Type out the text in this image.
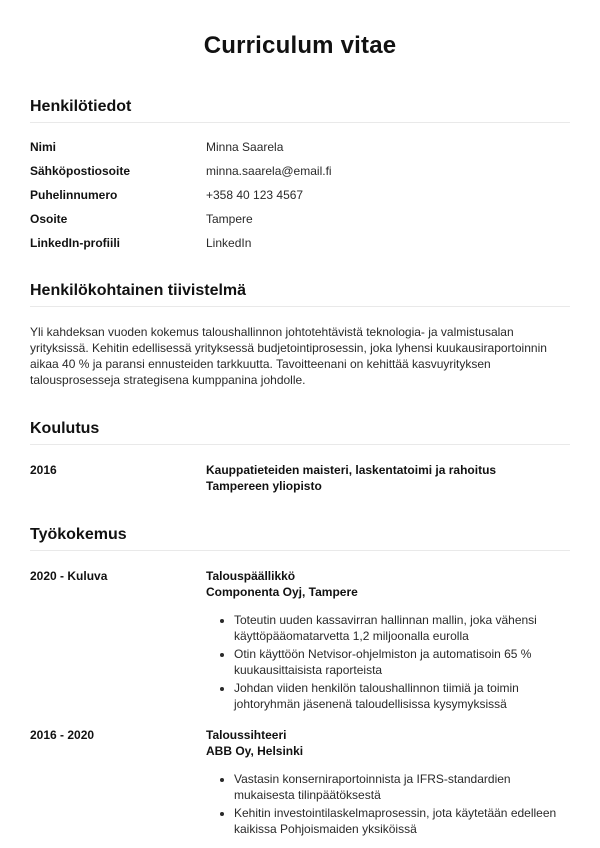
Curriculum vitae
Henkilötiedot
Nimi	Minna Saarela
Sähköpostiosoite	minna.saarela@email.fi
Puhelinnumero	+358 40 123 4567
Osoite	Tampere
LinkedIn-profiili	LinkedIn
Henkilökohtainen tiivistelmä

Yli kahdeksan vuoden kokemus taloushallinnon johtotehtävistä teknologia- ja valmistusalan yrityksissä. Kehitin edellisessä yrityksessä budjetointiprosessin, joka lyhensi kuukausiraportoinnin aikaa 40 % ja paransi ennusteiden tarkkuutta. Tavoitteenani on kehittää kasvuyrityksen talousprosesseja strategisena kumppanina johdolle.

Koulutus
2016	Kauppatieteiden maisteri, laskentatoimi ja rahoitus
Tampereen yliopisto
Työkokemus
2020 - Kuluva	Talouspäällikkö
Componenta Oyj, Tampere
• Toteutin uuden kassavirran hallinnan mallin, joka vähensi käyttöpääomatarvetta 1,2 miljoonalla eurolla
• Otin käyttöön Netvisor-ohjelmiston ja automatisoin 65 % kuukausittaisista raporteista
• Johdan viiden henkilön taloushallinnon tiimiä ja toimin johtoryhmän jäsenenä taloudellisissa kysymyksissä
2016 - 2020	Taloussihteeri
ABB Oy, Helsinki
• Vastasin konserniraportoinnista ja IFRS-standardien mukaisesta tilinpäätöksestä
• Kehitin investointilaskelmaprosessin, jota käytetään edelleen kaikissa Pohjoismaiden yksiköissä
